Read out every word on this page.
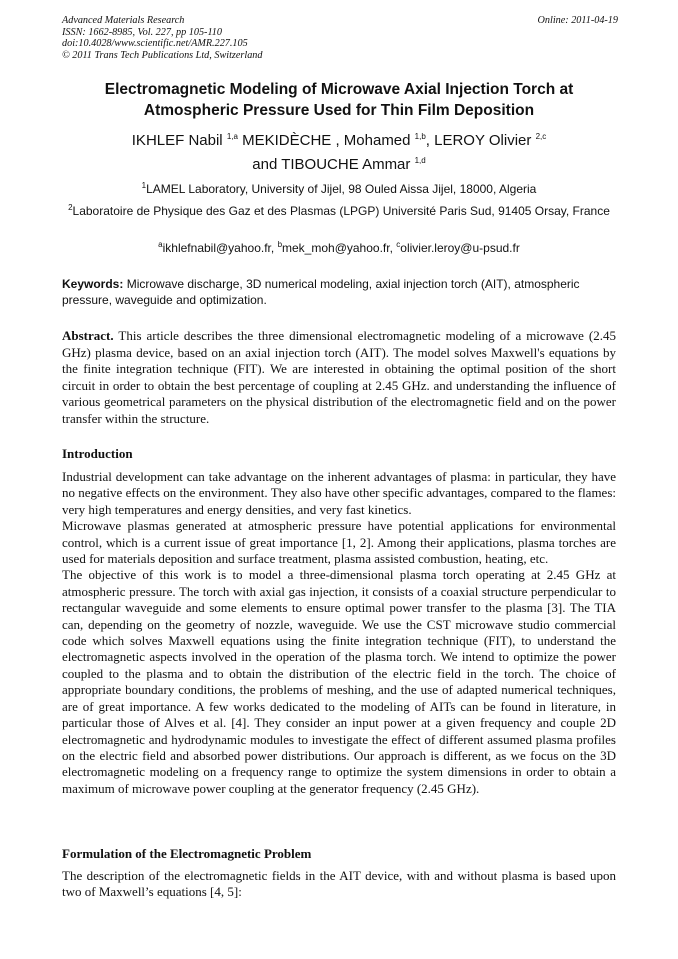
Advanced Materials Research
ISSN: 1662-8985, Vol. 227, pp 105-110
doi:10.4028/www.scientific.net/AMR.227.105
© 2011 Trans Tech Publications Ltd, Switzerland
Online: 2011-04-19
Electromagnetic Modeling of Microwave Axial Injection Torch at
Atmospheric Pressure Used for Thin Film Deposition
IKHLEF Nabil $^{1,a}$ MEKIDÈCHE , Mohamed $^{1,b}$, LEROY Olivier $^{2,c}$
and TIBOUCHE Ammar $^{1,d}$
$^1$LAMEL Laboratory, University of Jijel, 98 Ouled Aissa Jijel, 18000, Algeria
$^2$Laboratoire de Physique des Gaz et des Plasmas (LPGP) Université Paris Sud, 91405 Orsay, France
$^a$ikhlefnabil@yahoo.fr, $^b$mek_moh@yahoo.fr, $^c$olivier.leroy@u-psud.fr
Keywords: Microwave discharge, 3D numerical modeling, axial injection torch (AIT), atmospheric pressure, waveguide and optimization.
Abstract. This article describes the three dimensional electromagnetic modeling of a microwave (2.45 GHz) plasma device, based on an axial injection torch (AIT). The model solves Maxwell's equations by the finite integration technique (FIT). We are interested in obtaining the optimal position of the short circuit in order to obtain the best percentage of coupling at 2.45 GHz. and understanding the influence of various geometrical parameters on the physical distribution of the electromagnetic field and on the power transfer within the structure.
Introduction

Industrial development can take advantage on the inherent advantages of plasma: in particular, they have no negative effects on the environment. They also have other specific advantages, compared to the flames: very high temperatures and energy densities, and very fast kinetics.

Microwave plasmas generated at atmospheric pressure have potential applications for environmental control, which is a current issue of great importance [1, 2]. Among their applications, plasma torches are used for materials deposition and surface treatment, plasma assisted combustion, heating, etc.

The objective of this work is to model a three-dimensional plasma torch operating at 2.45 GHz at atmospheric pressure. The torch with axial gas injection, it consists of a coaxial structure perpendicular to rectangular waveguide and some elements to ensure optimal power transfer to the plasma [3]. The TIA can, depending on the geometry of nozzle, waveguide. We use the CST microwave studio commercial code which solves Maxwell equations using the finite integration technique (FIT), to understand the electromagnetic aspects involved in the operation of the plasma torch. We intend to optimize the power coupled to the plasma and to obtain the distribution of the electric field in the torch. The choice of appropriate boundary conditions, the problems of meshing, and the use of adapted numerical techniques, are of great importance. A few works dedicated to the modeling of AITs can be found in literature, in particular those of Alves et al. [4]. They consider an input power at a given frequency and couple 2D electromagnetic and hydrodynamic modules to investigate the effect of different assumed plasma profiles on the electric field and absorbed power distributions. Our approach is different, as we focus on the 3D electromagnetic modeling on a frequency range to optimize the system dimensions in order to obtain a maximum of microwave power coupling at the generator frequency (2.45 GHz).

Formulation of the Electromagnetic Problem

The description of the electromagnetic fields in the AIT device, with and without plasma is based upon two of Maxwell’s equations [4, 5]:
